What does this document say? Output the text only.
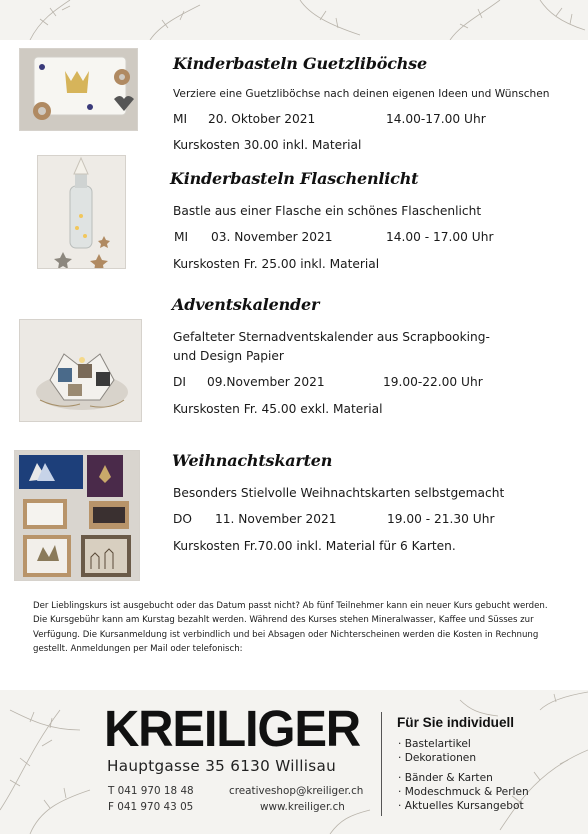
Kinderbasteln Guetzliböchse
Verziere eine Guetzliböchse nach deinen eigenen Ideen und Wünschen
MI 20. Oktober 2021	14.00-17.00 Uhr
Kurskosten 30.00 inkl. Material
Kinderbasteln Flaschenlicht
Bastle aus einer Flasche ein schönes Flaschenlicht
MI 03. November 2021	14.00 - 17.00 Uhr
Kurskosten Fr. 25.00 inkl. Material
Adventskalender
Gefalteter Sternadventskalender aus Scrapbooking- und Design Papier
DI 09.November 2021	19.00-22.00 Uhr
Kurskosten Fr. 45.00 exkl. Material
Weihnachtskarten
Besonders Stielvolle Weihnachtskarten selbstgemacht
DO 11. November 2021	19.00 - 21.30 Uhr
Kurskosten Fr.70.00 inkl. Material für 6 Karten.
Der Lieblingskurs ist ausgebucht oder das Datum passt nicht? Ab fünf Teilnehmer kann ein neuer Kurs gebucht werden. Die Kursgebühr kann am Kurstag bezahlt werden. Während des Kurses stehen Mineralwasser, Kaffee und Süsses zur Verfügung. Die Kursanmeldung ist verbindlich und bei Absagen oder Nichterscheinen werden die Kosten in Rechnung gestellt. Anmeldungen per Mail oder telefonisch:
KREILIGER
Hauptgasse 35 6130 Willisau
T 041 970 18 48
F 041 970 43 05
creativeshop@kreiliger.ch
www.kreiliger.ch
Für Sie individuell
· Bastelartikel
· Dekorationen
· Bänder & Karten
· Modeschmuck & Perlen
· Aktuelles Kursangebot
